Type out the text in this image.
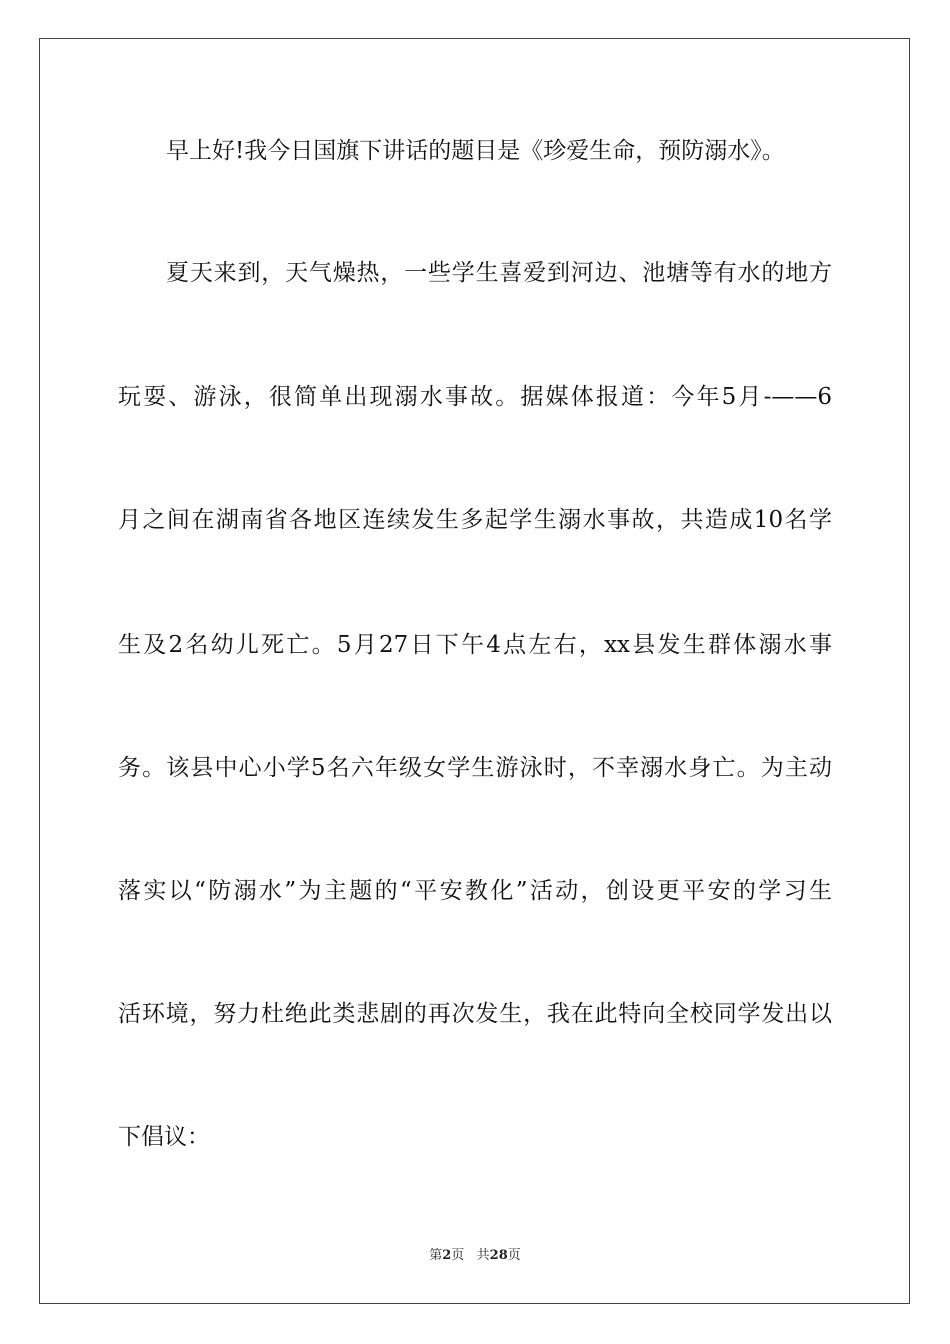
早上好!我今日国旗下讲话的题目是《珍爱生命，预防溺水》。

夏天来到，天气燥热，一些学生喜爱到河边、池塘等有水的地方

玩耍、游泳，很简单出现溺水事故。据媒体报道：今年5月-——6

月之间在湖南省各地区连续发生多起学生溺水事故，共造成10名学

生及2名幼儿死亡。5月27日下午4点左右，xx县发生群体溺水事

务。该县中心小学5名六年级女学生游泳时，不幸溺水身亡。为主动

落实以“防溺水”为主题的“平安教化”活动，创设更平安的学习生

活环境，努力杜绝此类悲剧的再次发生，我在此特向全校同学发出以

下倡议：

第2页   共28页
